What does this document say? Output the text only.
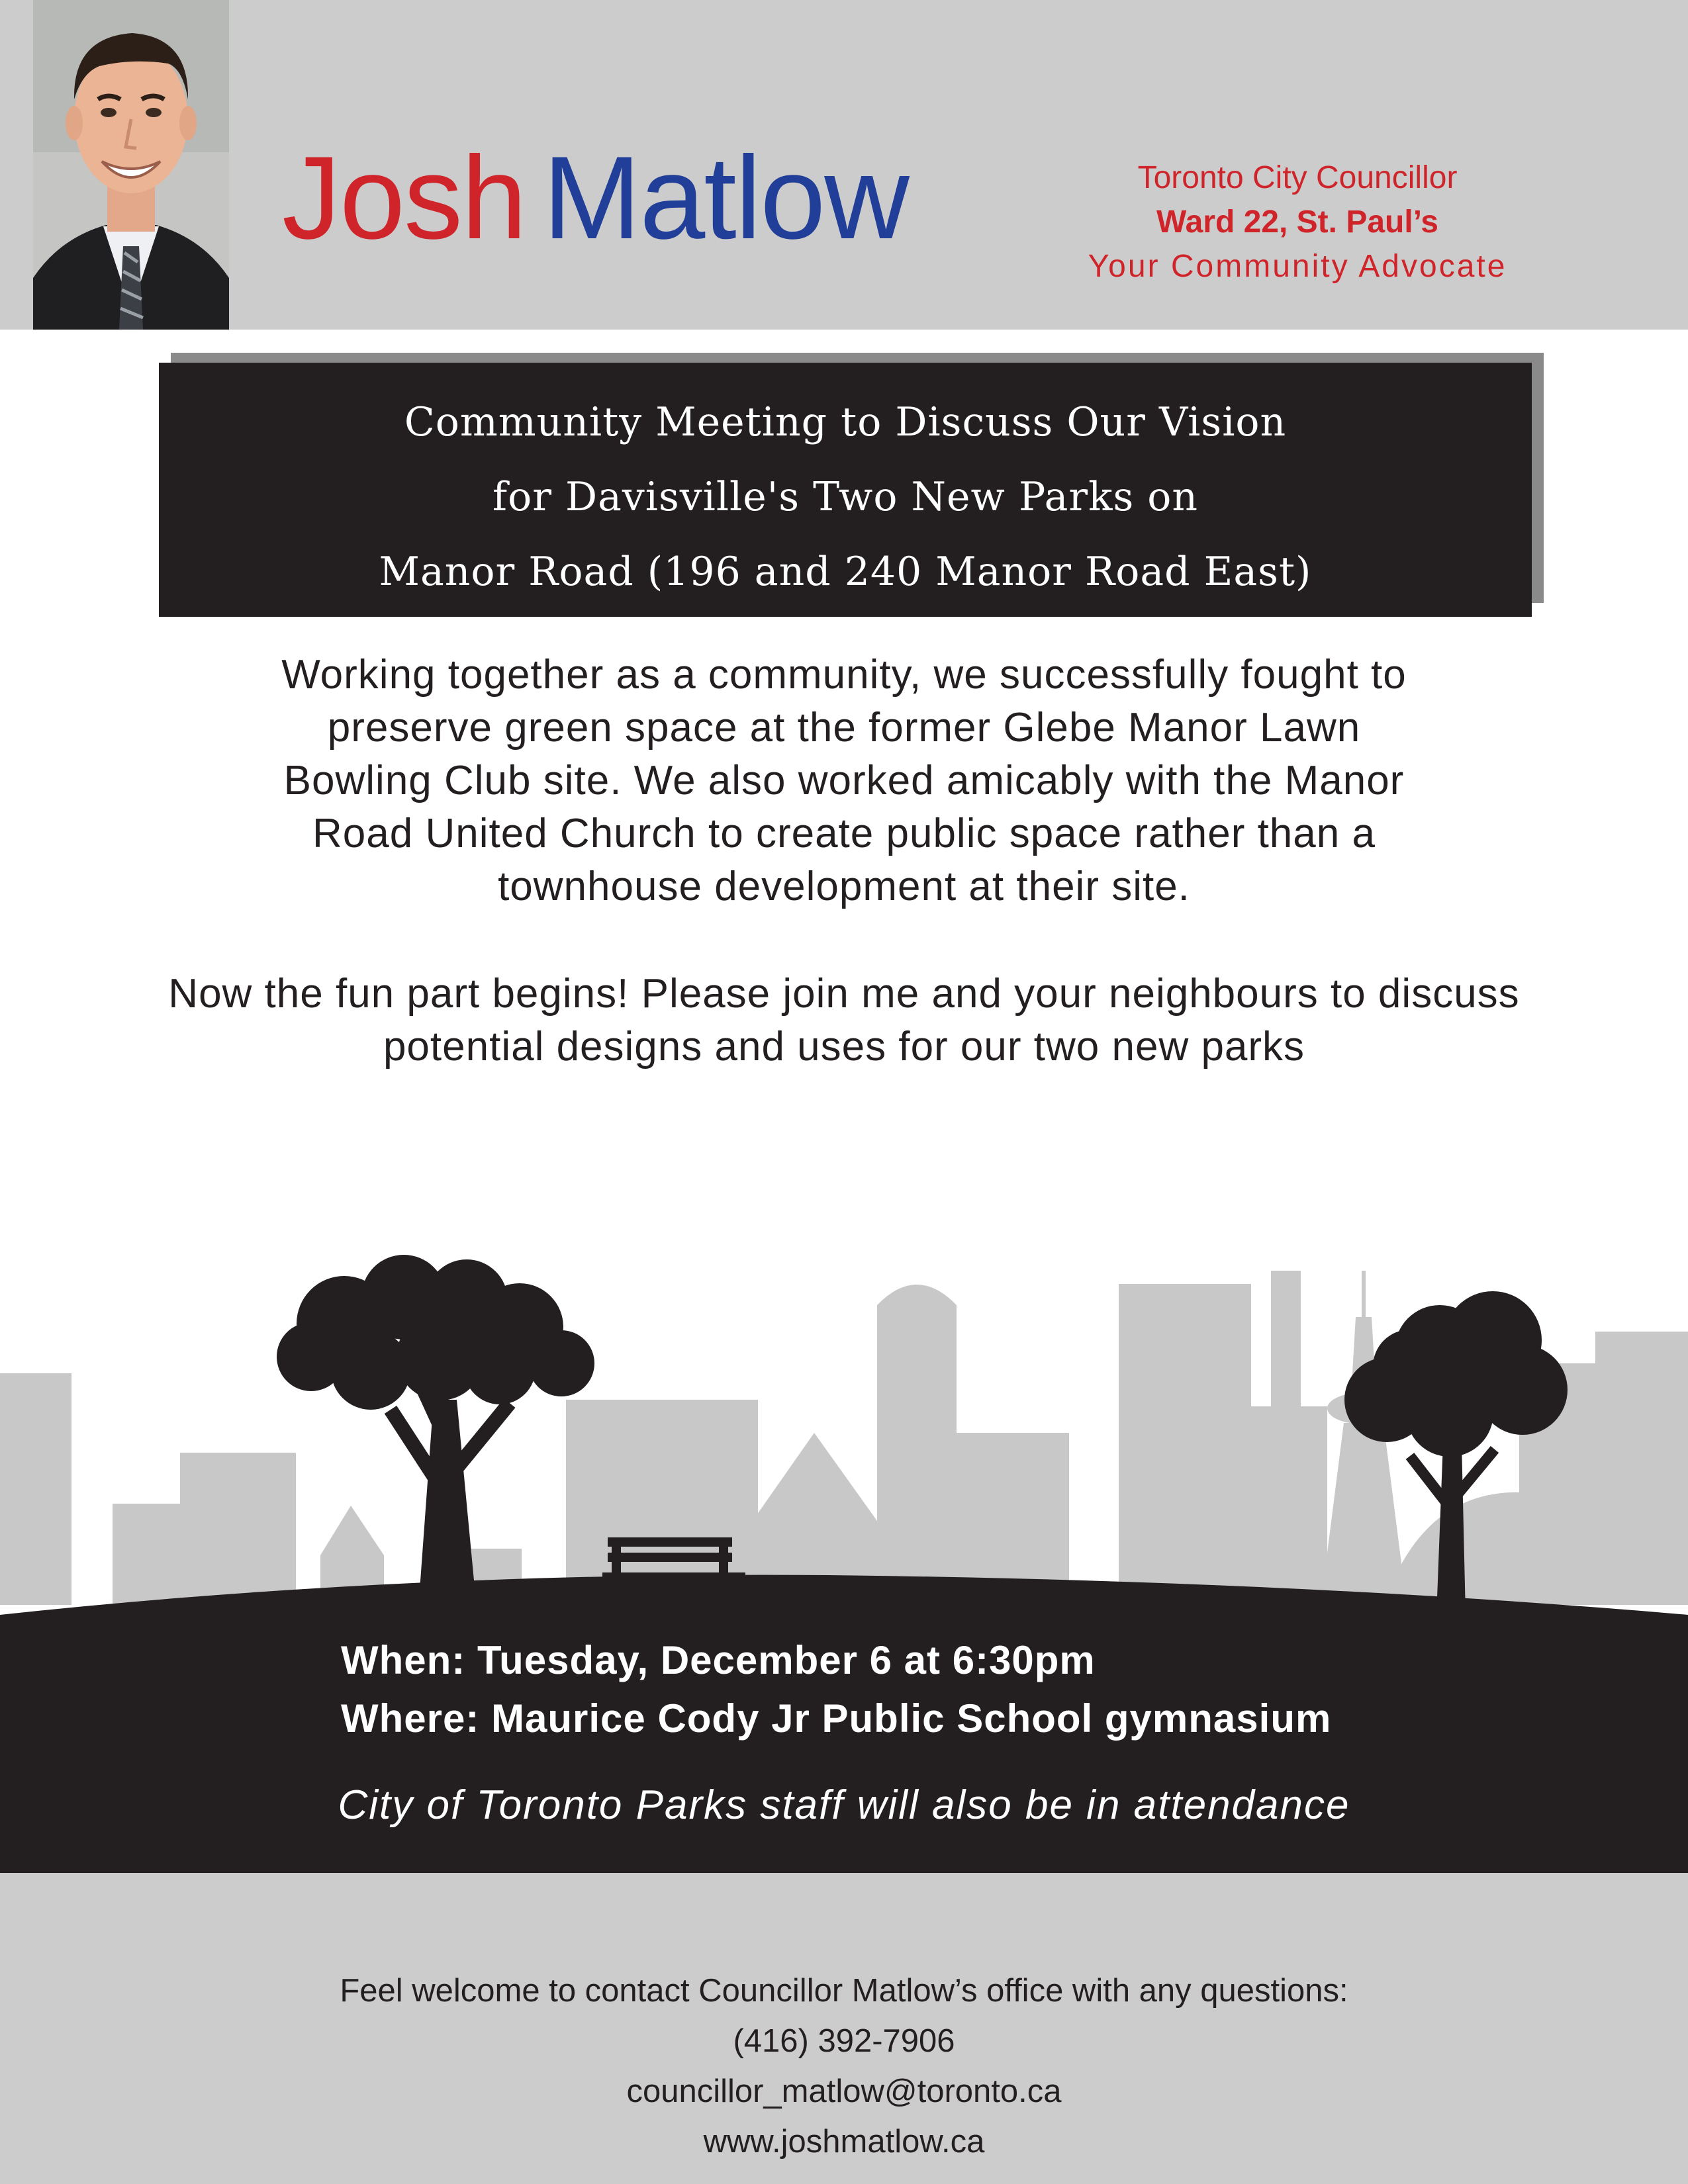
Josh Matlow	Toronto City Councillor
Ward 22, St. Paul’s
Your Community Advocate
Community Meeting to Discuss Our Vision
for Davisville's Two New Parks on
Manor Road (196 and 240 Manor Road East)

Working together as a community, we successfully fought to preserve green space at the former Glebe Manor Lawn Bowling Club site. We also worked amicably with the Manor Road United Church to create public space rather than a townhouse development at their site.

Now the fun part begins! Please join me and your neighbours to discuss potential designs and uses for our two new parks

When: Tuesday, December 6 at 6:30pm
Where: Maurice Cody Jr Public School gymnasium
City of Toronto Parks staff will also be in attendance
Feel welcome to contact Councillor Matlow’s office with any questions:
(416) 392-7906
councillor_matlow@toronto.ca
www.joshmatlow.ca
